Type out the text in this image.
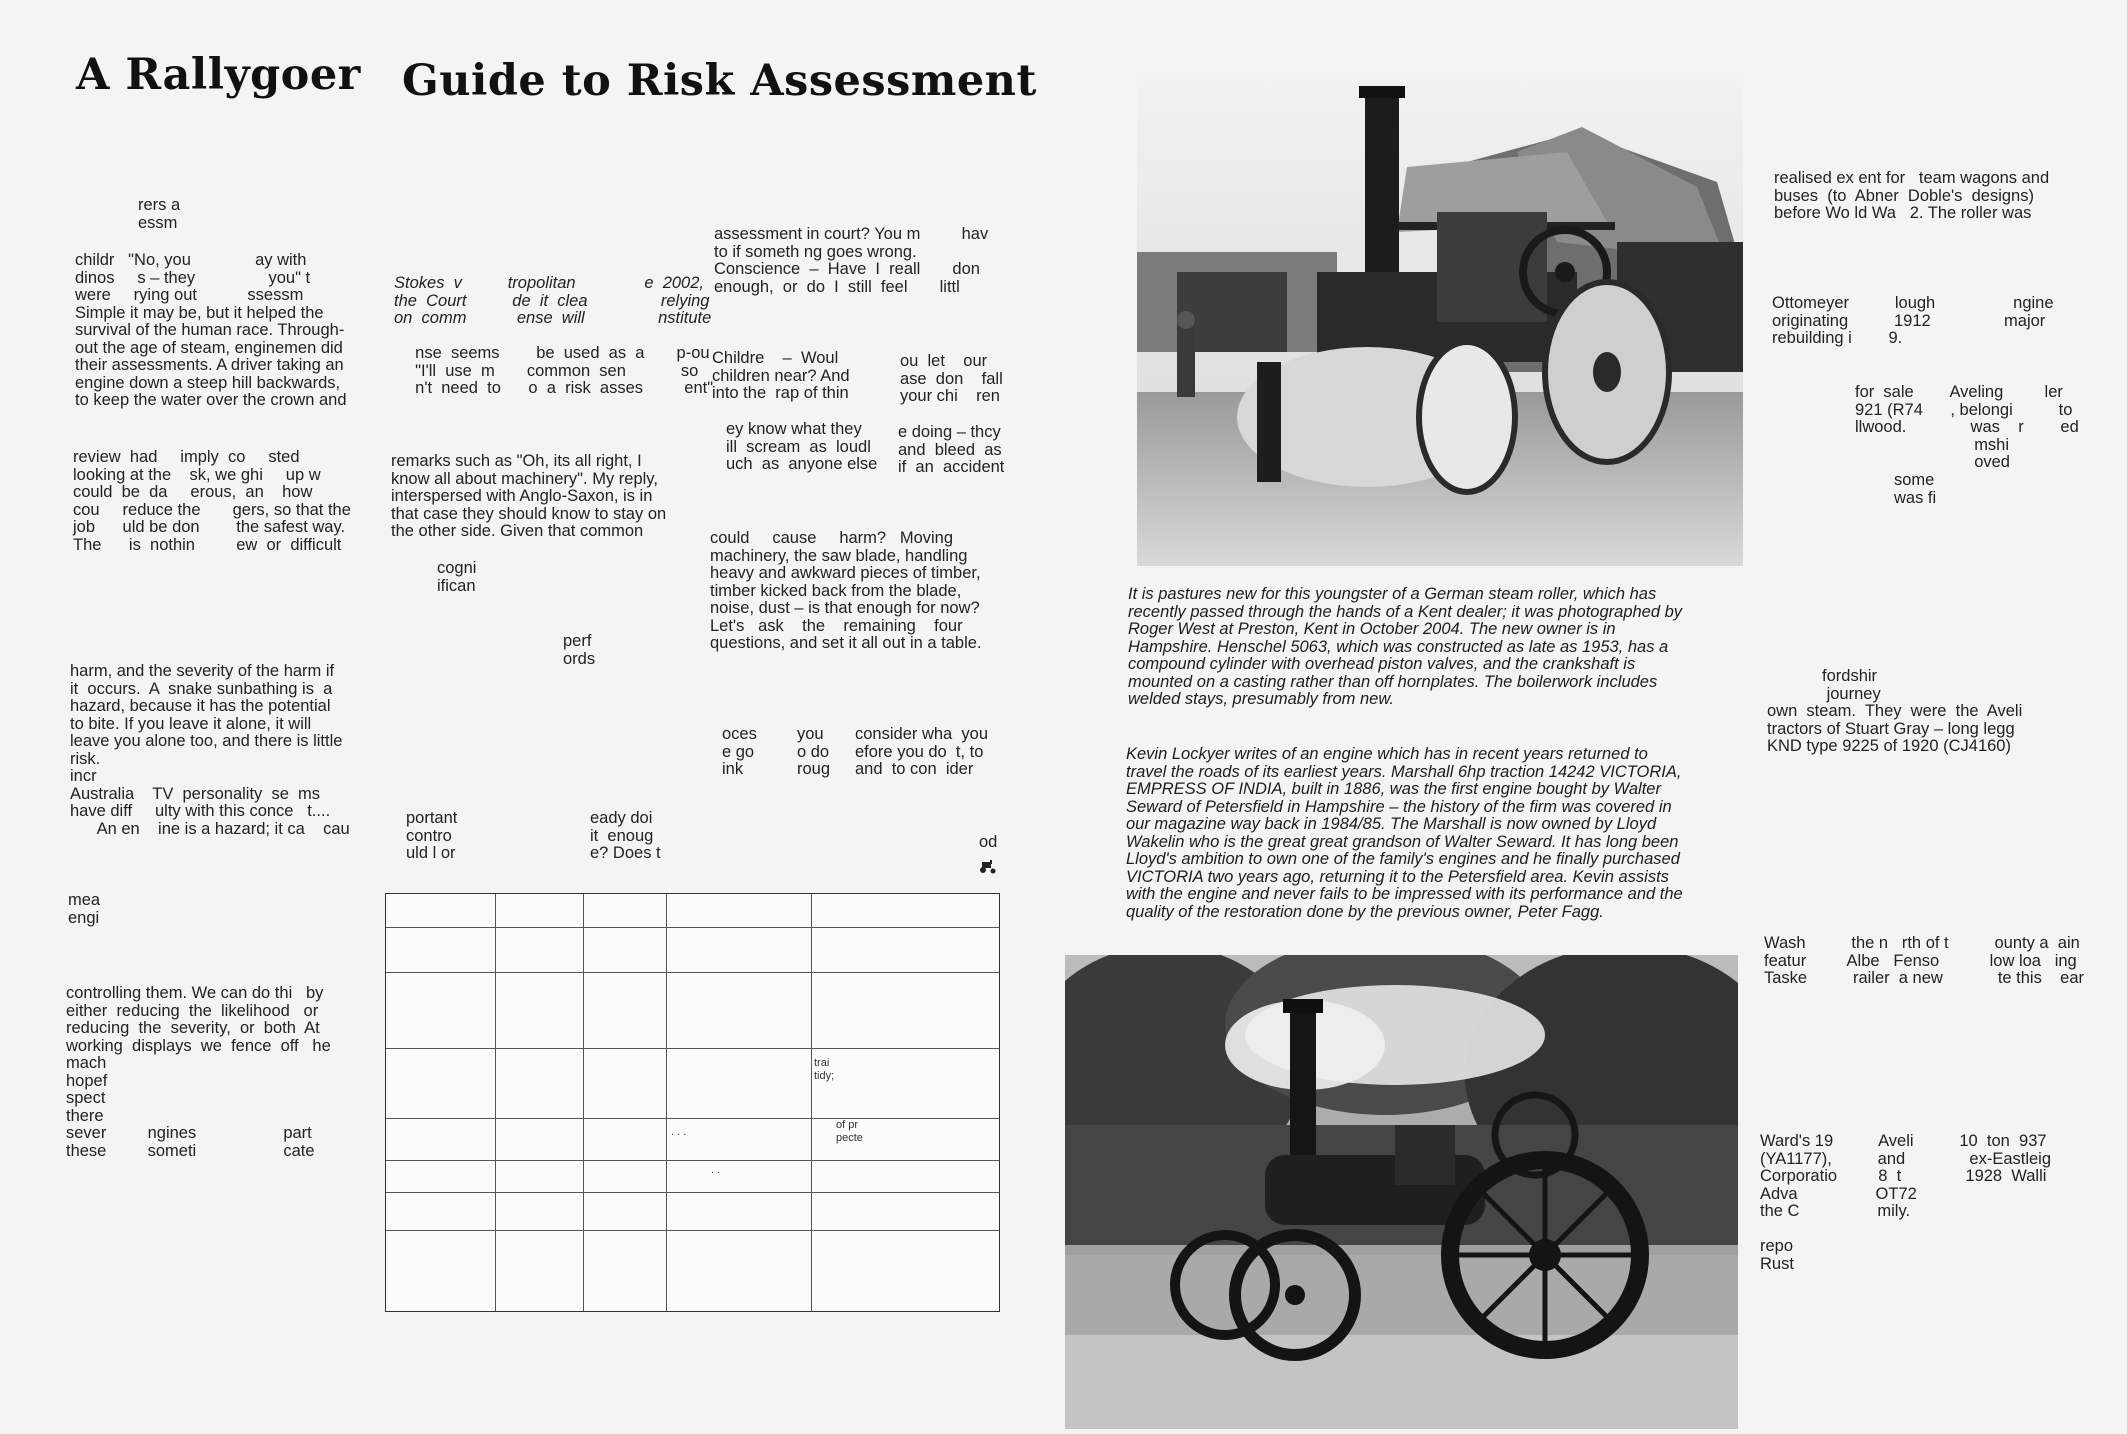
A Rallygoer Guide to Risk Assessment
rers a
essm
childr   "No, you              ay with
dinos     s – they                you" t
were     rying out           ssessm
Simple it may be, but it helped the
survival of the human race. Through-
out the age of steam, enginemen did
their assessments. A driver taking an
engine down a steep hill backwards,
to keep the water over the crown and
review  had     imply  co     sted
looking at the    sk, we ghi     up w
could  be  da     erous,  an    how
cou     reduce the       gers, so that the
job      uld be don        the safest way.
The      is  nothin         ew  or  difficult
harm, and the severity of the harm if
it  occurs.  A  snake sunbathing is  a
hazard, because it has the potential
to bite. If you leave it alone, it will
leave you alone too, and there is little
risk.
incr
Australia    TV  personality  se  ms
have diff     ulty with this conce   t....
An en    ine is a hazard; it ca    cau
mea
engi
controlling them. We can do thi   by
either  reducing  the  likelihood   or
reducing  the  severity,  or  both  At
working  displays  we  fence  off   he
mach
hopef
spect
there
sever         ngines                   part
these         someti                   cate
Stokes  v          tropolitan               e  2002,
the  Court          de  it  clea                relying
on  comm           ense  will                nstitute
nse  seems        be  used  as  a       p-ou
"I'll  use  m       common  sen            so
n't  need  to      o  a  risk  asses         ent"
remarks such as "Oh, its all right, I
know all about machinery". My reply,
interspersed with Anglo-Saxon, is in
that case they should know to stay on
the other side. Given that common
cogni
ifican
perf
ords
portant
contro
uld l or
eady doi
it  enoug
e? Does t
assessment in court? You m         hav
to if someth ng goes wrong.
Conscience  –  Have  I  reall       don
enough,  or  do  I  still  feel       littl
Childre    –  Woul
children near? And
into the  rap of thin
ou  let    our
ase  don    fall
your chi    ren
ey know what they
ill  scream  as  loudl
uch  as  anyone else
e doing – thcy
and  bleed  as
if  an  accident
could     cause     harm?   Moving
machinery, the saw blade, handling
heavy and awkward pieces of timber,
timber kicked back from the blade,
noise, dust – is that enough for now?
Let's   ask    the    remaining    four
questions, and set it all out in a table.
oces
e go
ink
you
o do
roug
consider wha  you
efore you do  t, to
and  to con  ider
od
trai
tidy;
of pr
pecte
. . .
. .
It is pastures new for this youngster of a German steam roller, which has
recently passed through the hands of a Kent dealer; it was photographed by
Roger West at Preston, Kent in October 2004. The new owner is in
Hampshire. Henschel 5063, which was constructed as late as 1953, has a
compound cylinder with overhead piston valves, and the crankshaft is
mounted on a casting rather than off hornplates. The boilerwork includes
welded stays, presumably from new.
Kevin Lockyer writes of an engine which has in recent years returned to
travel the roads of its earliest years. Marshall 6hp traction 14242 VICTORIA,
EMPRESS OF INDIA, built in 1886, was the first engine bought by Walter
Seward of Petersfield in Hampshire – the history of the firm was covered in
our magazine way back in 1984/85. The Marshall is now owned by Lloyd
Wakelin who is the great great grandson of Walter Seward. It has long been
Lloyd's ambition to own one of the family's engines and he finally purchased
VICTORIA two years ago, returning it to the Petersfield area. Kevin assists
with the engine and never fails to be impressed with its performance and the
quality of the restoration done by the previous owner, Peter Fagg.
realised ex ent for   team wagons and
buses  (to  Abner  Doble's  designs)
before Wo ld Wa   2. The roller was
Ottomeyer          lough                 ngine
originating          1912                major
rebuilding i        9.
for  sale        Aveling         ler
921 (R74      , belongi          to
llwood.              was    r        ed
mshi
oved
some
was fi
fordshir
journey
own  steam.  They  were  the  Aveli
tractors of Stuart Gray – long legg
KND type 9225 of 1920 (CJ4160)
Wash          the n   rth of t          ounty a  ain
featur         Albe   Fenso           low loa   ing
Taske          railer  a new            te this    ear
Ward's 19          Aveli          10  ton  937
(YA1177),          and              ex-Eastleig
Corporatio         8  t              1928  Walli
Adva                 OT72
the C                 mily.

repo
Rust
